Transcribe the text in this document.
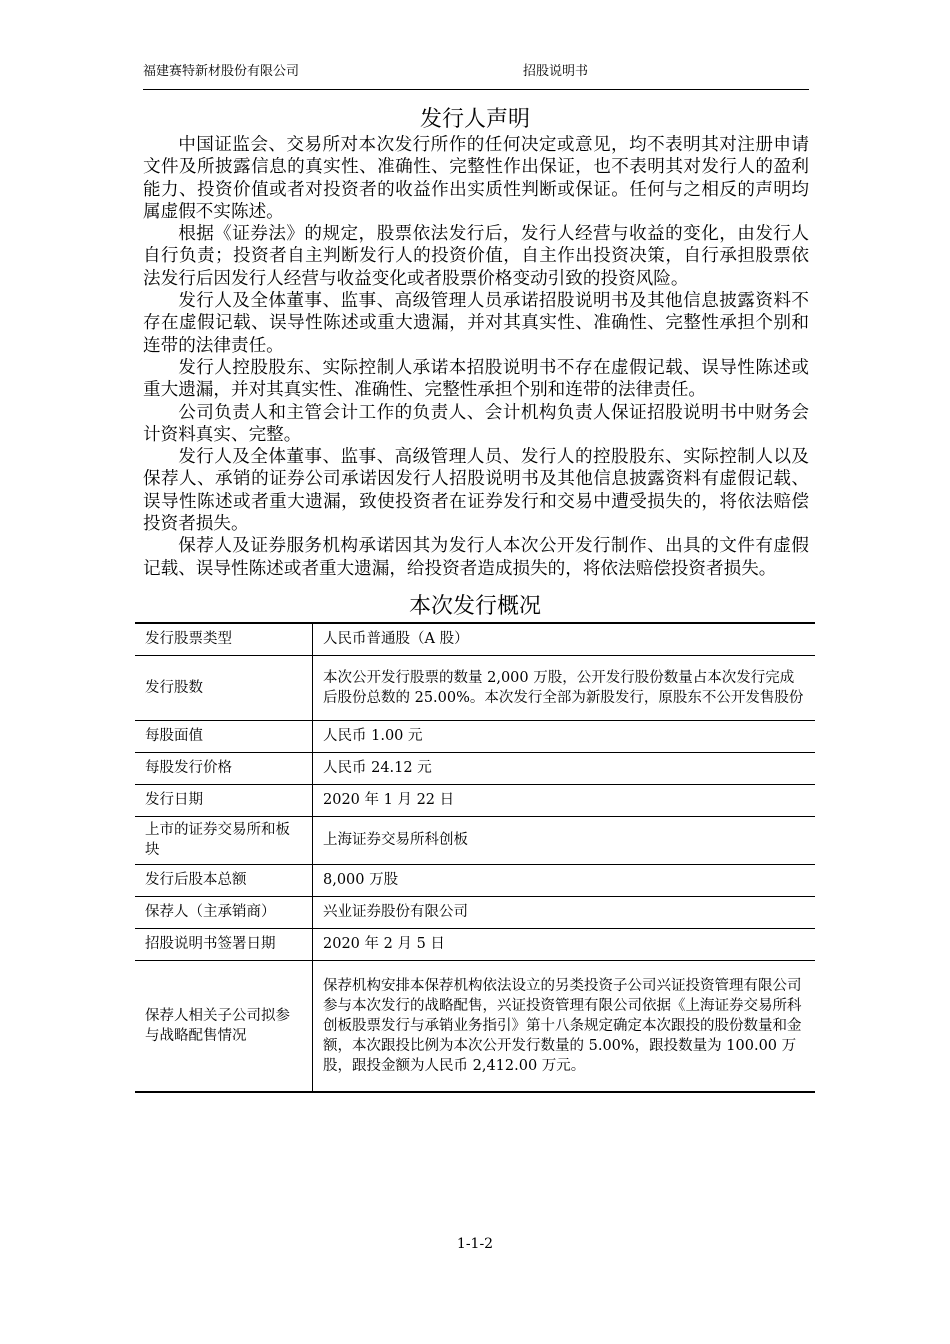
福建赛特新材股份有限公司	招股说明书
发行人声明

中国证监会、交易所对本次发行所作的任何决定或意见，均不表明其对注册申请文件及所披露信息的真实性、准确性、完整性作出保证，也不表明其对发行人的盈利能力、投资价值或者对投资者的收益作出实质性判断或保证。任何与之相反的声明均属虚假不实陈述。

根据《证券法》的规定，股票依法发行后，发行人经营与收益的变化，由发行人自行负责；投资者自主判断发行人的投资价值，自主作出投资决策，自行承担股票依法发行后因发行人经营与收益变化或者股票价格变动引致的投资风险。

发行人及全体董事、监事、高级管理人员承诺招股说明书及其他信息披露资料不存在虚假记载、误导性陈述或重大遗漏，并对其真实性、准确性、完整性承担个别和连带的法律责任。

发行人控股股东、实际控制人承诺本招股说明书不存在虚假记载、误导性陈述或重大遗漏，并对其真实性、准确性、完整性承担个别和连带的法律责任。

公司负责人和主管会计工作的负责人、会计机构负责人保证招股说明书中财务会计资料真实、完整。

发行人及全体董事、监事、高级管理人员、发行人的控股股东、实际控制人以及保荐人、承销的证券公司承诺因发行人招股说明书及其他信息披露资料有虚假记载、误导性陈述或者重大遗漏，致使投资者在证券发行和交易中遭受损失的，将依法赔偿投资者损失。

保荐人及证券服务机构承诺因其为发行人本次公开发行制作、出具的文件有虚假记载、误导性陈述或者重大遗漏，给投资者造成损失的，将依法赔偿投资者损失。

本次发行概况
发行股票类型	人民币普通股（A 股）
发行股数	本次公开发行股票的数量 2,000 万股，公开发行股份数量占本次发行完成后股份总数的 25.00%。本次发行全部为新股发行，原股东不公开发售股份
每股面值	人民币 1.00 元
每股发行价格	人民币 24.12 元
发行日期	2020 年 1 月 22 日
上市的证券交易所和板块	上海证券交易所科创板
发行后股本总额	8,000 万股
保荐人（主承销商）	兴业证券股份有限公司
招股说明书签署日期	2020 年 2 月 5 日
保荐人相关子公司拟参与战略配售情况	保荐机构安排本保荐机构依法设立的另类投资子公司兴证投资管理有限公司参与本次发行的战略配售，兴证投资管理有限公司依据《上海证券交易所科创板股票发行与承销业务指引》第十八条规定确定本次跟投的股份数量和金额，本次跟投比例为本次公开发行数量的 5.00%，跟投数量为 100.00 万股，跟投金额为人民币 2,412.00 万元。
1-1-2
